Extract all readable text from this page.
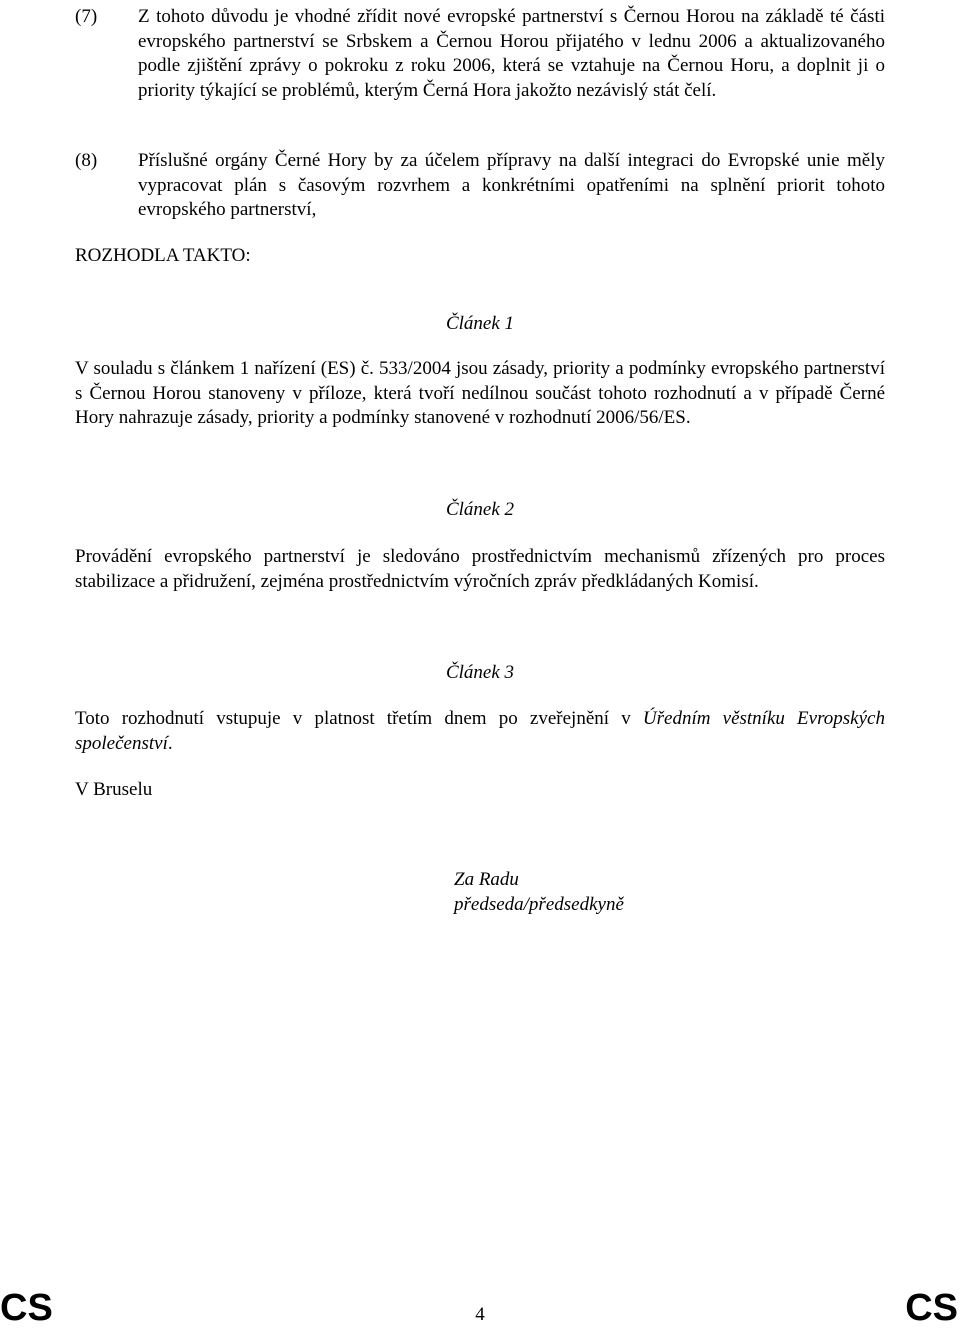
(7)	Z tohoto důvodu je vhodné zřídit nové evropské partnerství s Černou Horou na základě té části evropského partnerství se Srbskem a Černou Horou přijatého v lednu 2006 a aktualizovaného podle zjištění zprávy o pokroku z roku 2006, která se vztahuje na Černou Horu, a doplnit ji o priority týkající se problémů, kterým Černá Hora jakožto nezávislý stát čelí.
(8)	Příslušné orgány Černé Hory by za účelem přípravy na další integraci do Evropské unie měly vypracovat plán s časovým rozvrhem a konkrétními opatřeními na splnění priorit tohoto evropského partnerství,
ROZHODLA TAKTO:
Článek 1
V souladu s článkem 1 nařízení (ES) č. 533/2004 jsou zásady, priority a podmínky evropského partnerství s Černou Horou stanoveny v příloze, která tvoří nedílnou součást tohoto rozhodnutí a v případě Černé Hory nahrazuje zásady, priority a podmínky stanovené v rozhodnutí 2006/56/ES.
Článek 2
Provádění evropského partnerství je sledováno prostřednictvím mechanismů zřízených pro proces stabilizace a přidružení, zejména prostřednictvím výročních zpráv předkládaných Komisí.
Článek 3
Toto rozhodnutí vstupuje v platnost třetím dnem po zveřejnění v Úředním věstníku Evropských společenství.
V Bruselu
Za Radu
předseda/předsedkyně
CS	4	CS
